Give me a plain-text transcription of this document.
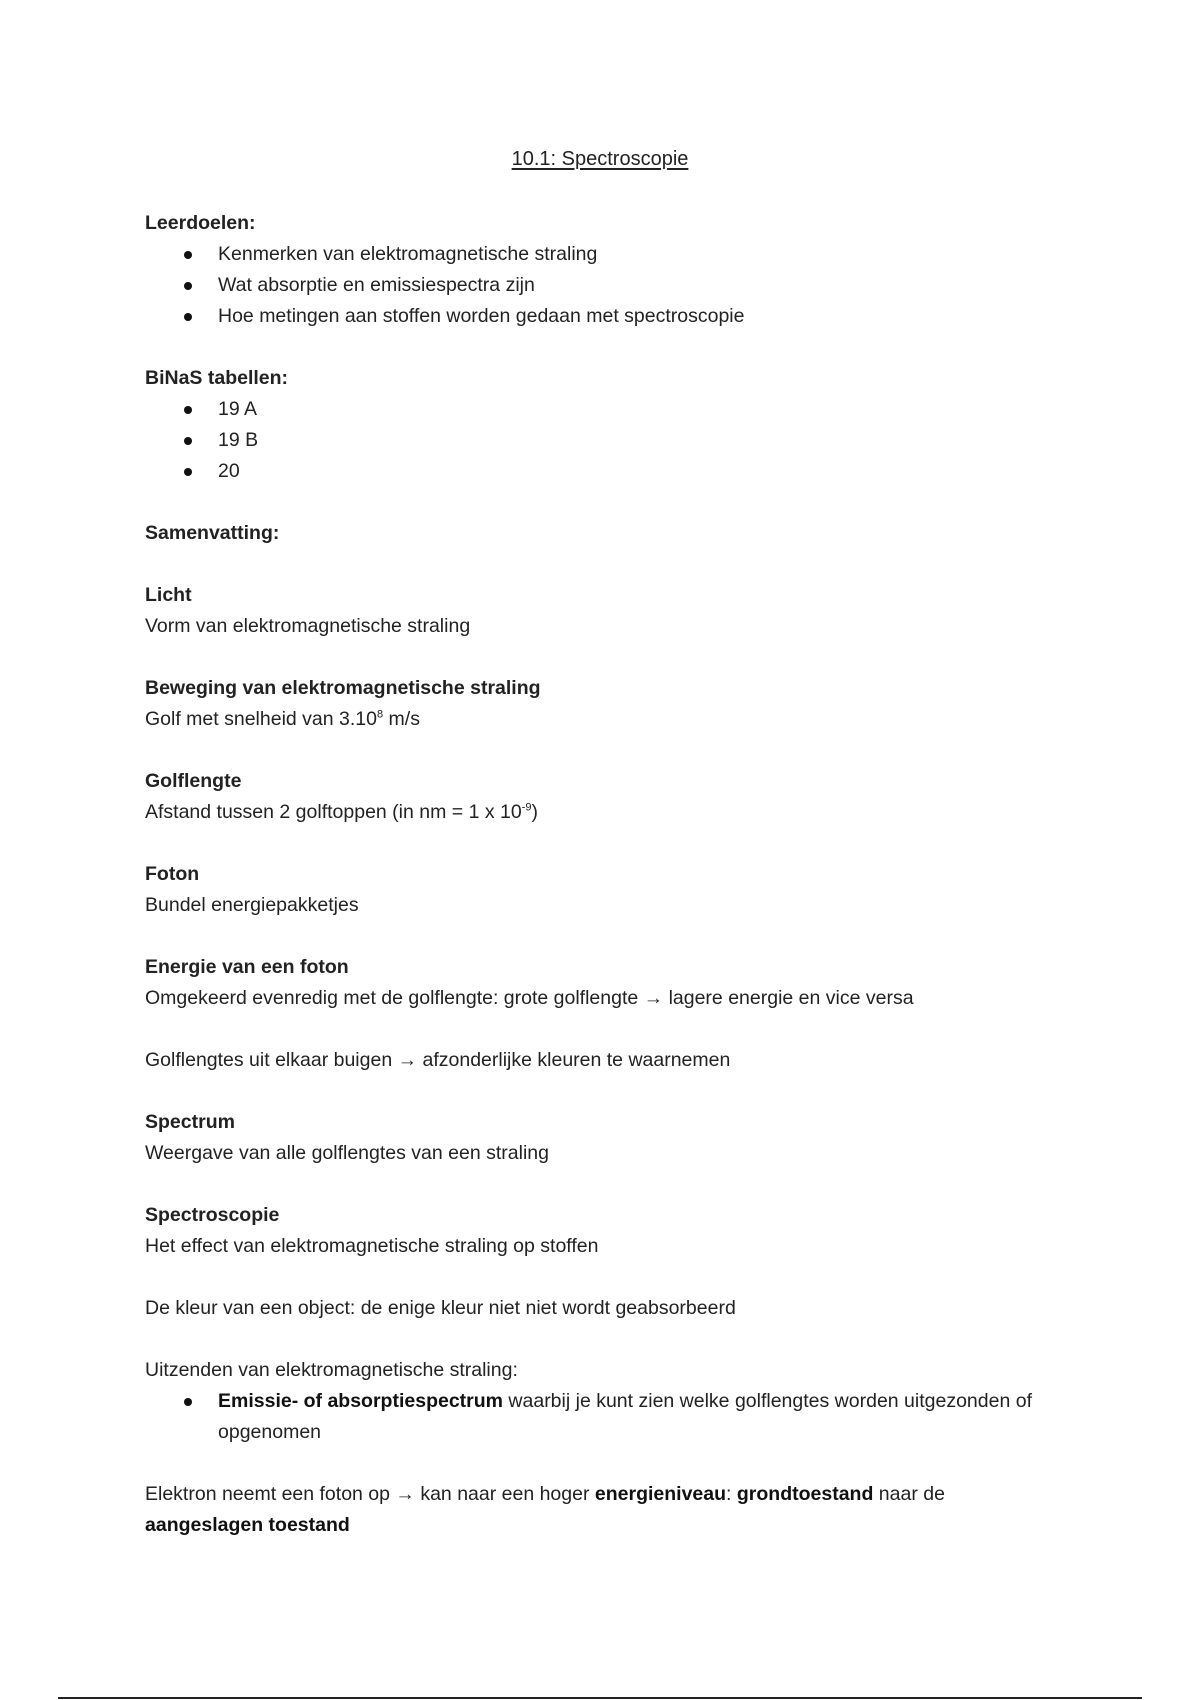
10.1: Spectroscopie

Leerdoelen:

Kenmerken van elektromagnetische straling
Wat absorptie en emissiespectra zijn
Hoe metingen aan stoffen worden gedaan met spectroscopie

BiNaS tabellen:

19 A
19 B
20

Samenvatting:

Licht

Vorm van elektromagnetische straling

Beweging van elektromagnetische straling

Golf met snelheid van 3.10$^8$ m/s

Golflengte

Afstand tussen 2 golftoppen (in nm = 1 x $10^{-9}$)

Foton

Bundel energiepakketjes

Energie van een foton

Omgekeerd evenredig met de golflengte: grote golflengte → lagere energie en vice versa

Golflengtes uit elkaar buigen → afzonderlijke kleuren te waarnemen

Spectrum

Weergave van alle golflengtes van een straling

Spectroscopie

Het effect van elektromagnetische straling op stoffen

De kleur van een object: de enige kleur niet niet wordt geabsorbeerd

Uitzenden van elektromagnetische straling:

Emissie- of absorptiespectrum waarbij je kunt zien welke golflengtes worden uitgezonden of opgenomen

Elektron neemt een foton op → kan naar een hoger energieniveau: grondtoestand naar de aangeslagen toestand
